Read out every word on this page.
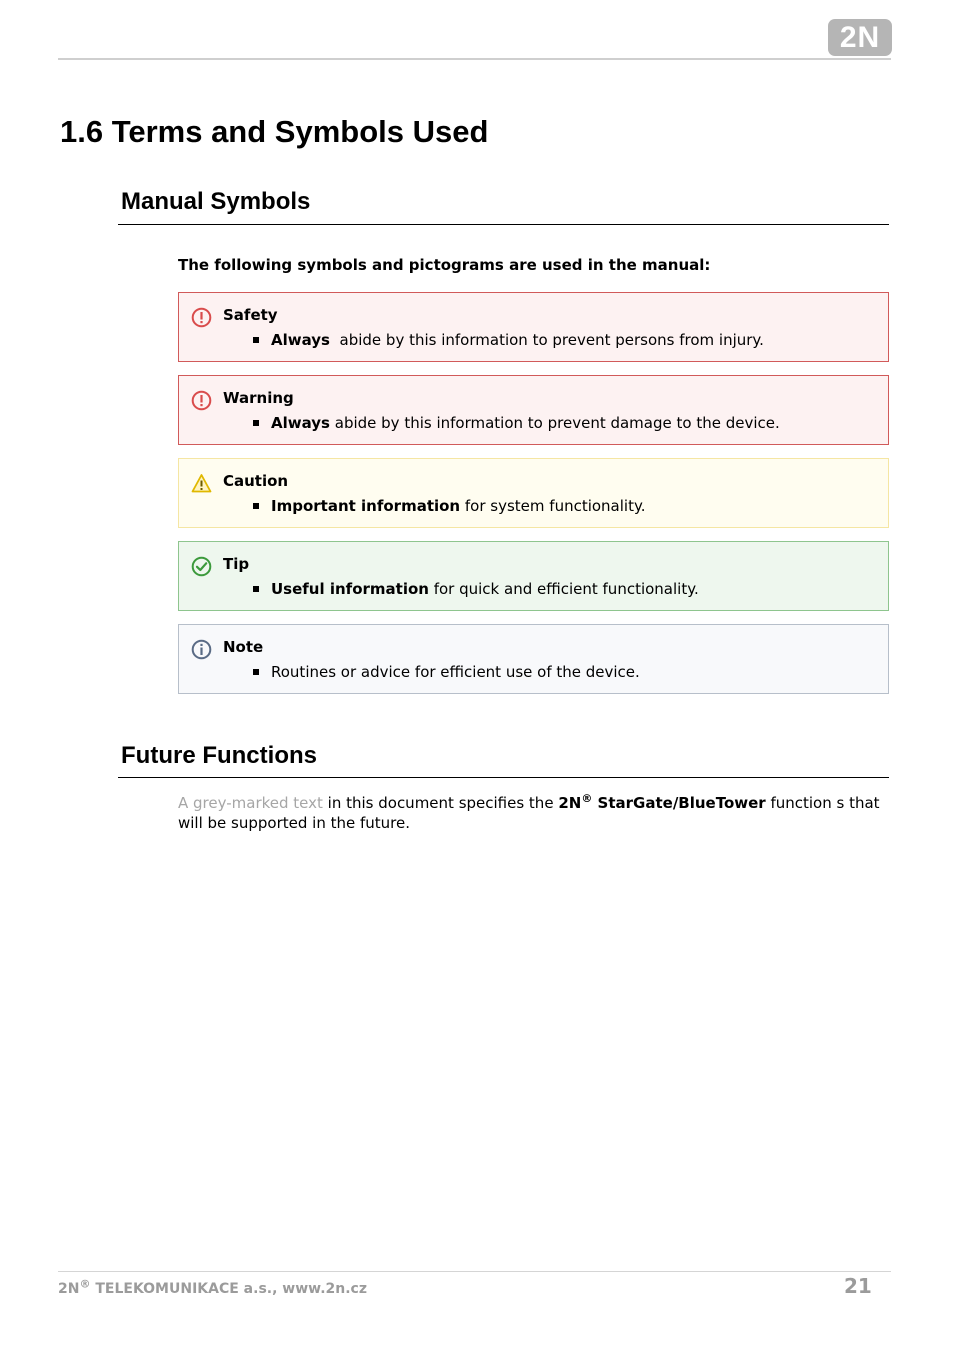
2N
1.6 Terms and Symbols Used
Manual Symbols

The following symbols and pictograms are used in the manual:

Safety
Always  abide by this information to prevent persons from injury.
Warning
Always abide by this information to prevent damage to the device.
Caution
Important information for system functionality.
Tip
Useful information for quick and efficient functionality.
Note
Routines or advice for efficient use of the device.
Future Functions

A grey-marked text in this document specifies the 2N® StarGate/BlueTower function s that will be supported in the future.

2N® TELEKOMUNIKACE a.s., www.2n.cz	21
